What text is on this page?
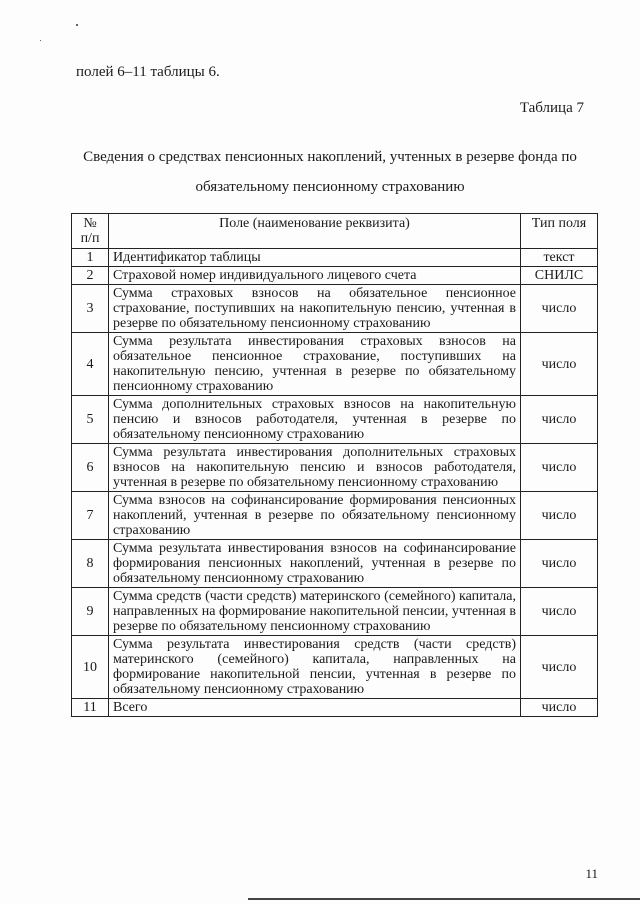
полей 6–11 таблицы 6.
Таблица 7
Сведения о средствах пенсионных накоплений, учтенных в резерве фонда по
обязательному пенсионному страхованию
№ п/п	Поле (наименование реквизита)	Тип поля
1	Идентификатор таблицы	текст
2	Страховой номер индивидуального лицевого счета	СНИЛС
3	Сумма страховых взносов на обязательное пенсионное страхование, поступивших на накопительную пенсию, учтенная в резерве по обязательному пенсионному страхованию	число
4	Сумма результата инвестирования страховых взносов на обязательное пенсионное страхование, поступивших на накопительную пенсию, учтенная в резерве по обязательному пенсионному страхованию	число
5	Сумма дополнительных страховых взносов на накопительную пенсию и взносов работодателя, учтенная в резерве по обязательному пенсионному страхованию	число
6	Сумма результата инвестирования дополнительных страховых взносов на накопительную пенсию и взносов работодателя, учтенная в резерве по обязательному пенсионному страхованию	число
7	Сумма взносов на софинансирование формирования пенсионных накоплений, учтенная в резерве по обязательному пенсионному страхованию	число
8	Сумма результата инвестирования взносов на софинансирование формирования пенсионных накоплений, учтенная в резерве по обязательному пенсионному страхованию	число
9	Сумма средств (части средств) материнского (семейного) капитала, направленных на формирование накопительной пенсии, учтенная в резерве по обязательному пенсионному страхованию	число
10	Сумма результата инвестирования средств (части средств) материнского (семейного) капитала, направленных на формирование накопительной пенсии, учтенная в резерве по обязательному пенсионному страхованию	число
11	Всего	число
11
